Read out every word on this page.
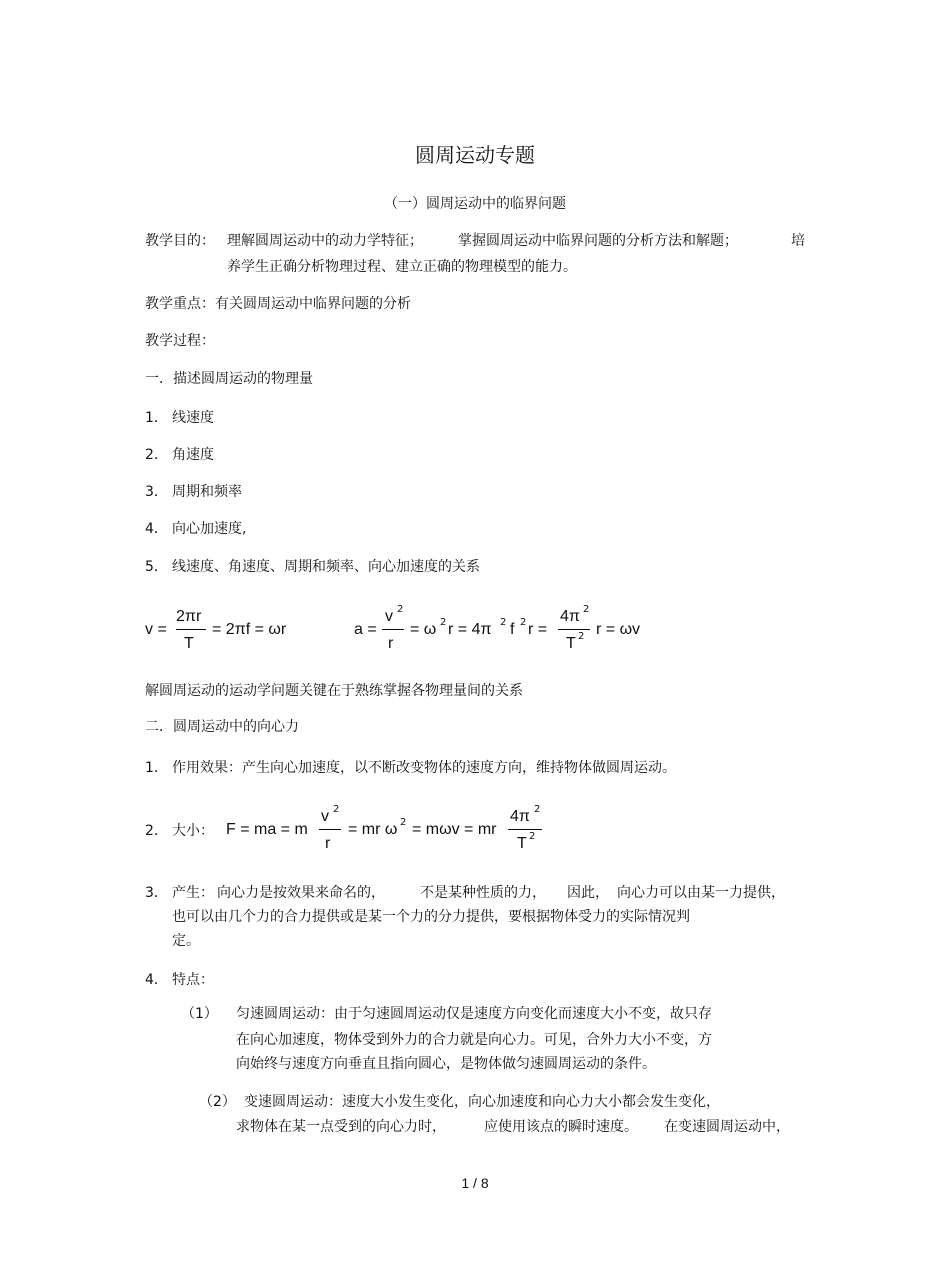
圆周运动专题
（一）圆周运动中的临界问题
教学目的： 理解圆周运动中的动力学特征；	掌握圆周运动中临界问题的分析方法和解题；	培
养学生正确分析物理过程、建立正确的物理模型的能力。
教学重点：有关圆周运动中临界问题的分析
教学过程：
一．描述圆周运动的物理量
1． 线速度
2． 角速度
3． 周期和频率
4． 向心加速度,
5． 线速度、角速度、周期和频率、向心加速度的关系
v =
2πr
T
= 2πf = ωr	a =
v 2
r
= ω 2 r = 4π 2 f 2 r =
4π 2
T 2 r = ωv
解圆周运动的运动学问题关键在于熟练掌握各物理量间的关系
二．圆周运动中的向心力
1． 作用效果：产生向心加速度，以不断改变物体的速度方向，维持物体做圆周运动。
2． 大小： F = ma = m
v 2
r
= mr ω 2 = mωv = mr
4π 2
T 2
3． 产生： 向心力是按效果来命名的，	不是某种性质的力， 因此， 向心力可以由某一力提供，
也可以由几个力的合力提供或是某一个力的分力提供，要根据物体受力的实际情况判
定。
4． 特点：
（1） 匀速圆周运动：由于匀速圆周运动仅是速度方向变化而速度大小不变，故只存
在向心加速度，物体受到外力的合力就是向心力。可见，合外力大小不变，方
向始终与速度方向垂直且指向圆心，是物体做匀速圆周运动的条件。
（2） 变速圆周运动：速度大小发生变化，向心加速度和向心力大小都会发生变化，
求物体在某一点受到的向心力时，	应使用该点的瞬时速度。 在变速圆周运动中，
1 / 8
